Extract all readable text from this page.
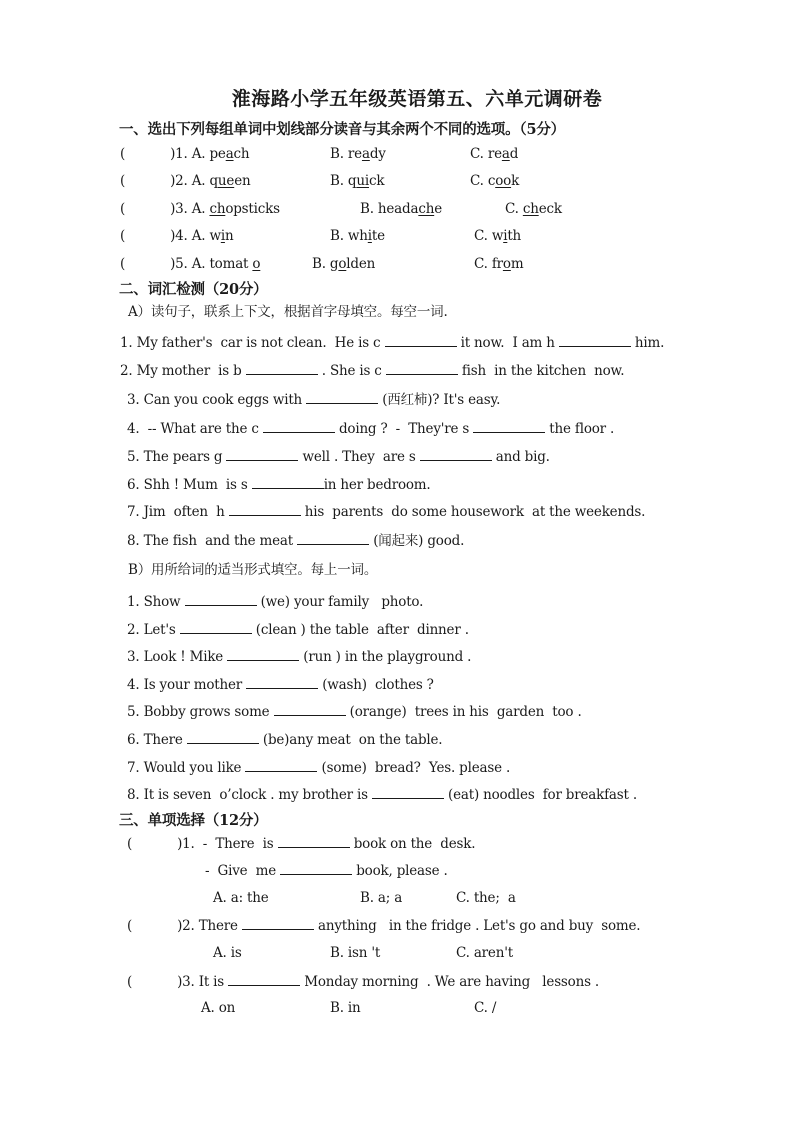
淮海路小学五年级英语第五、六单元调研卷
一、选出下列每组单词中划线部分读音与其余两个不同的选项。（5分）
(           )1. A. peach	B. ready	C. read
(           )2. A. queen	B. quick	C. cook
(           )3. A. chopsticks	B. headache	C. check
(           )4. A. win	B. white	C. with
(           )5. A. tomat o	B. golden	C. from
二、词汇检测（20分）
A）读句子，联系上下文，根据首字母填空。每空一词.
1. My father's  car is not clean.  He is c	it now.  I am h	him.
2. My mother  is b	. She is c	fish  in the kitchen  now.
3. Can you cook eggs with	(西红柿)? It's easy.
4.  -- What are the c	doing ?  -  They're s	the floor .
5. The pears g	well . They  are s	and big.
6. Shh ! Mum  is s	in her bedroom.
7. Jim  often  h	his  parents  do some housework  at the weekends.
8. The fish  and the meat	(闻起来) good.
B）用所给词的适当形式填空。每上一词。
1. Show	(we) your family   photo.
2. Let's	(clean ) the table  after  dinner .
3. Look ! Mike	(run ) in the playground .
4. Is your mother	(wash)  clothes ?
5. Bobby grows some	(orange)  trees in his  garden  too .
6. There	(be)any meat  on the table.
7. Would you like	(some)  bread?  Yes. please .
8. It is seven  o’clock . my brother is	(eat) noodles  for breakfast .
三、单项选择（12分）
(           )1.  -  There  is	book on the  desk.
-  Give  me	book, please .
A. a: the	B. a; a	C. the;  a
(           )2. There	anything   in the fridge . Let's go and buy  some.
A. is	B. isn 't	C. aren't
(           )3. It is	Monday morning  . We are having   lessons .
A. on	B. in	C. /
